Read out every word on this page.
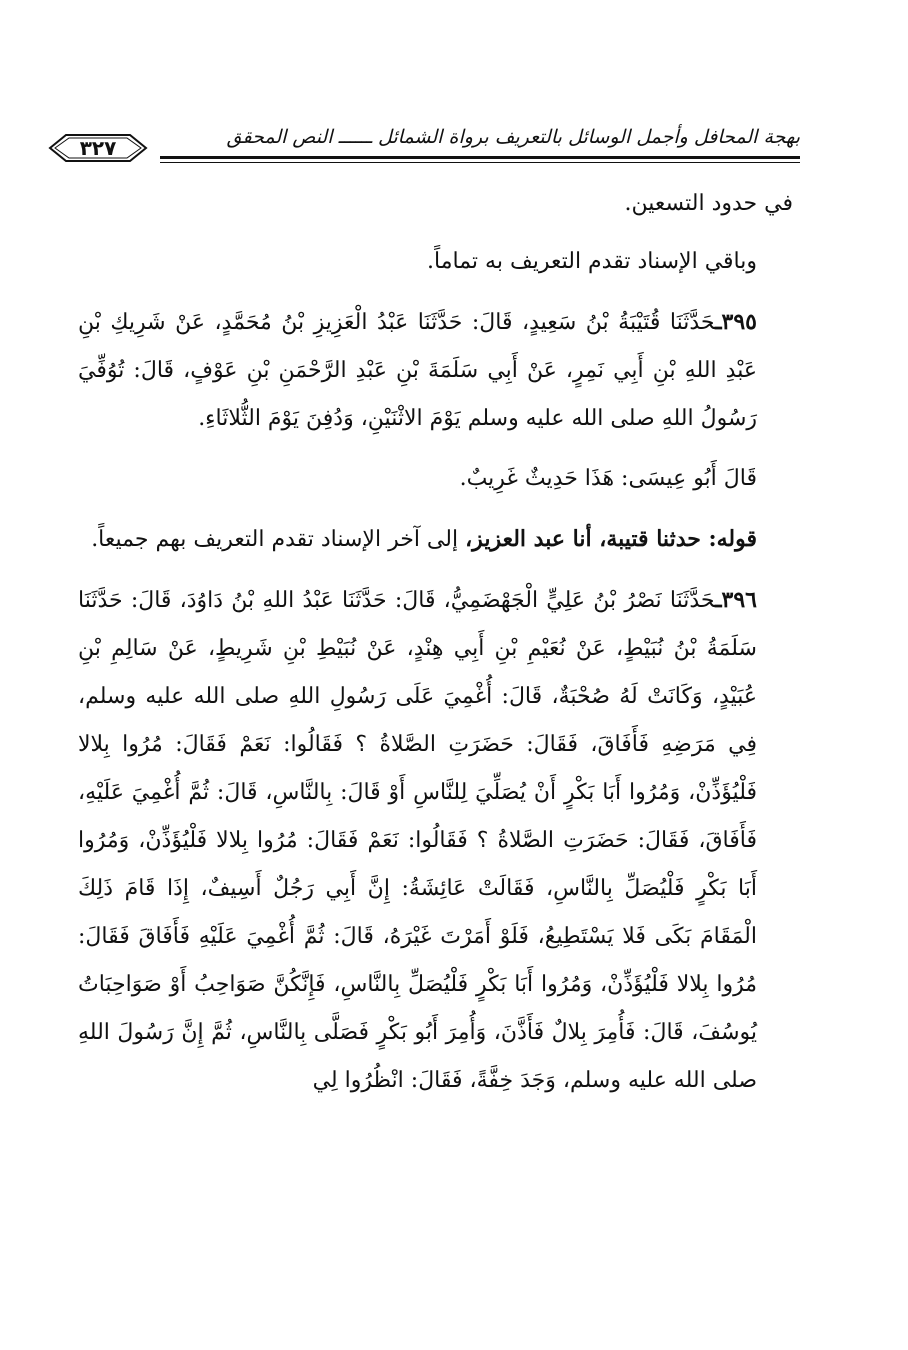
٣٢٧	بهجة المحافل وأجمل الوسائل بالتعريف برواة الشمائل ــــــ النص المحقق

في حدود التسعين.

وباقي الإسناد تقدم التعريف به تماماً.

٣٩٥ـحَدَّثَنَا قُتَيْبَةُ بْنُ سَعِيدٍ، قَالَ: حَدَّثَنَا عَبْدُ الْعَزِيزِ بْنُ مُحَمَّدٍ، عَنْ شَرِيكِ بْنِ عَبْدِ اللهِ بْنِ أَبِي نَمِرٍ، عَنْ أَبِي سَلَمَةَ بْنِ عَبْدِ الرَّحْمَنِ بْنِ عَوْفٍ، قَالَ: تُوُفِّيَ رَسُولُ اللهِ صلى الله عليه وسلم يَوْمَ الاثْنَيْنِ، وَدُفِنَ يَوْمَ الثُّلاثَاءِ.

قَالَ أَبُو عِيسَى: هَذَا حَدِيثٌ غَرِيبٌ.

قوله: حدثنا قتيبة، أنا عبد العزيز، إلى آخر الإسناد تقدم التعريف بهم جميعاً.

٣٩٦ـحَدَّثَنَا نَصْرُ بْنُ عَلِيٍّ الْجَهْضَمِيُّ، قَالَ: حَدَّثَنَا عَبْدُ اللهِ بْنُ دَاوُدَ، قَالَ: حَدَّثَنَا سَلَمَةُ بْنُ نُبَيْطٍ، عَنْ نُعَيْمِ بْنِ أَبِي هِنْدٍ، عَنْ نُبَيْطِ بْنِ شَرِيطٍ، عَنْ سَالِمِ بْنِ عُبَيْدٍ، وَكَانَتْ لَهُ صُحْبَةٌ، قَالَ: أُغْمِيَ عَلَى رَسُولِ اللهِ صلى الله عليه وسلم، فِي مَرَضِهِ فَأَفَاقَ، فَقَالَ: حَضَرَتِ الصَّلاةُ ؟ فَقَالُوا: نَعَمْ فَقَالَ: مُرُوا بِلالا فَلْيُؤَذِّنْ، وَمُرُوا أَبَا بَكْرٍ أَنْ يُصَلِّيَ لِلنَّاسِ أَوْ قَالَ: بِالنَّاسِ، قَالَ: ثُمَّ أُغْمِيَ عَلَيْهِ، فَأَفَاقَ، فَقَالَ: حَضَرَتِ الصَّلاةُ ؟ فَقَالُوا: نَعَمْ فَقَالَ: مُرُوا بِلالا فَلْيُؤَذِّنْ، وَمُرُوا أَبَا بَكْرٍ فَلْيُصَلِّ بِالنَّاسِ، فَقَالَتْ عَائِشَةُ: إِنَّ أَبِي رَجُلٌ أَسِيفٌ، إِذَا قَامَ ذَلِكَ الْمَقَامَ بَكَى فَلا يَسْتَطِيعُ، فَلَوْ أَمَرْتَ غَيْرَهُ، قَالَ: ثُمَّ أُغْمِيَ عَلَيْهِ فَأَفَاقَ فَقَالَ: مُرُوا بِلالا فَلْيُؤَذِّنْ، وَمُرُوا أَبَا بَكْرٍ فَلْيُصَلِّ بِالنَّاسِ، فَإِنَّكُنَّ صَوَاحِبُ أَوْ صَوَاحِبَاتُ يُوسُفَ، قَالَ: فَأُمِرَ بِلالٌ فَأَذَّنَ، وَأُمِرَ أَبُو بَكْرٍ فَصَلَّى بِالنَّاسِ، ثُمَّ إِنَّ رَسُولَ اللهِ صلى الله عليه وسلم، وَجَدَ خِفَّةً، فَقَالَ: انْظُرُوا لِي
